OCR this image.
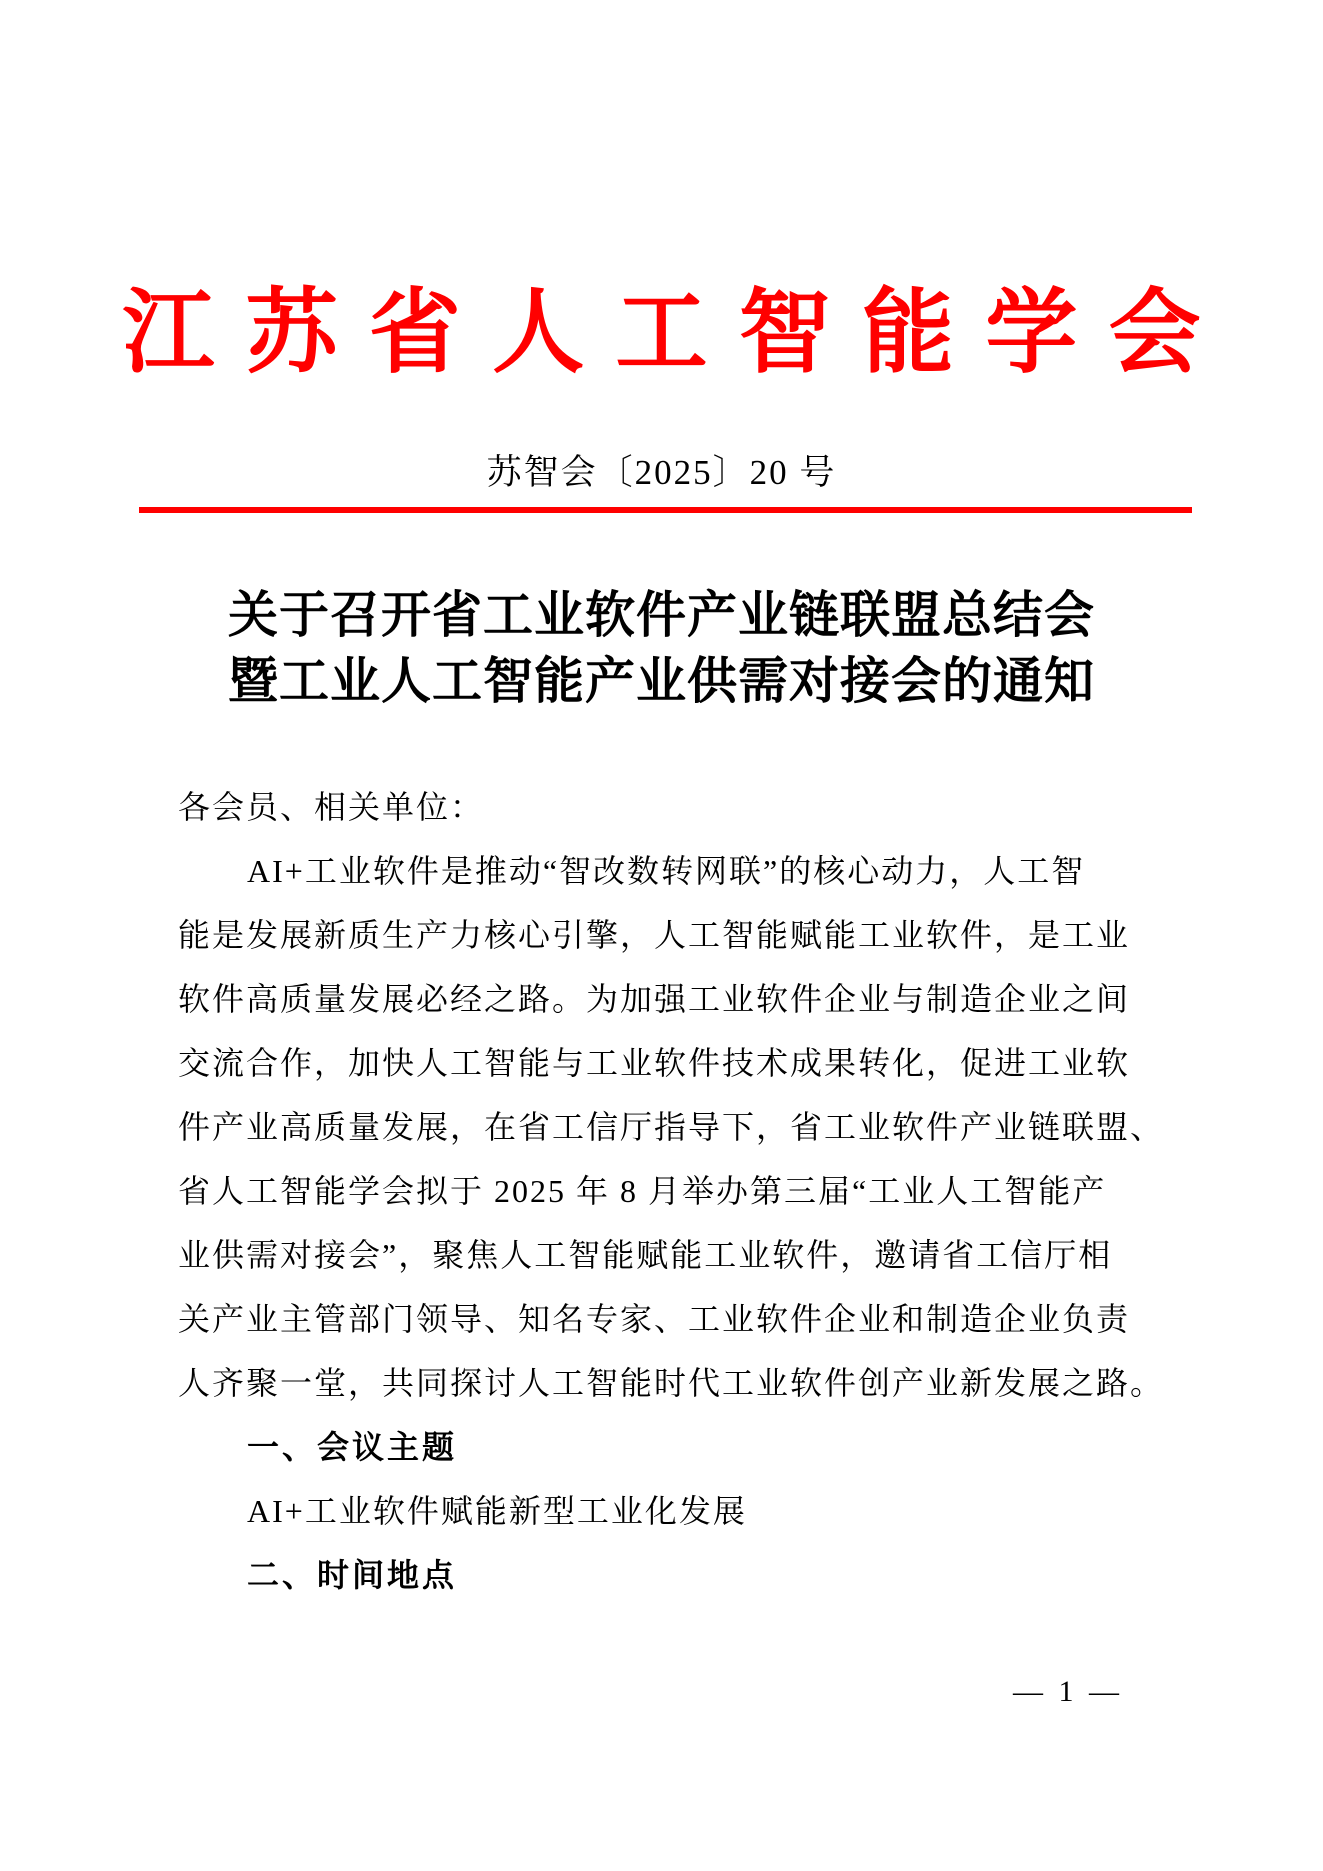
江苏省人工智能学会
苏智会〔2025〕20 号
关于召开省工业软件产业链联盟总结会
暨工业人工智能产业供需对接会的通知
各会员、相关单位：
AI+工业软件是推动“智改数转网联”的核心动力，人工智
能是发展新质生产力核心引擎，人工智能赋能工业软件，是工业
软件高质量发展必经之路。为加强工业软件企业与制造企业之间
交流合作，加快人工智能与工业软件技术成果转化，促进工业软
件产业高质量发展，在省工信厅指导下，省工业软件产业链联盟、
省人工智能学会拟于 2025 年 8 月举办第三届“工业人工智能产
业供需对接会”，聚焦人工智能赋能工业软件，邀请省工信厅相
关产业主管部门领导、知名专家、工业软件企业和制造企业负责
人齐聚一堂，共同探讨人工智能时代工业软件创产业新发展之路。
一、会议主题
AI+工业软件赋能新型工业化发展
二、时间地点
— 1 —
